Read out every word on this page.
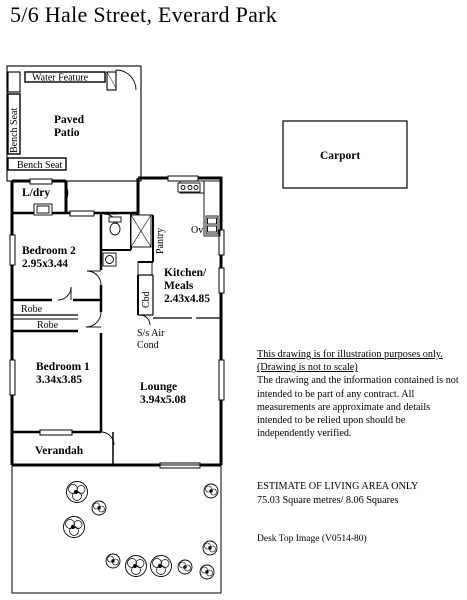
5/6 Hale Street, Everard Park
Water Feature
Bench Seat
Bench Seat
Paved
Patio
Carport
L/dry
Bedroom 2
2.95x3.44
Pantry	Ov
Kitchen/
Meals
2.43x4.85
Cbd
Robe
Robe
S/s Air
Cond
Bedroom 1
3.34x3.85
Lounge
3.94x5.08
Verandah
This drawing is for illustration purposes only.
(Drawing is not to scale)
The drawing and the information contained is not intended to be part of any contract. All measurements are approximate and details intended to be relied upon should be independently verified.
ESTIMATE OF LIVING AREA ONLY
75.03 Square metres/ 8.06 Squares
Desk Top Image (V0514-80)
